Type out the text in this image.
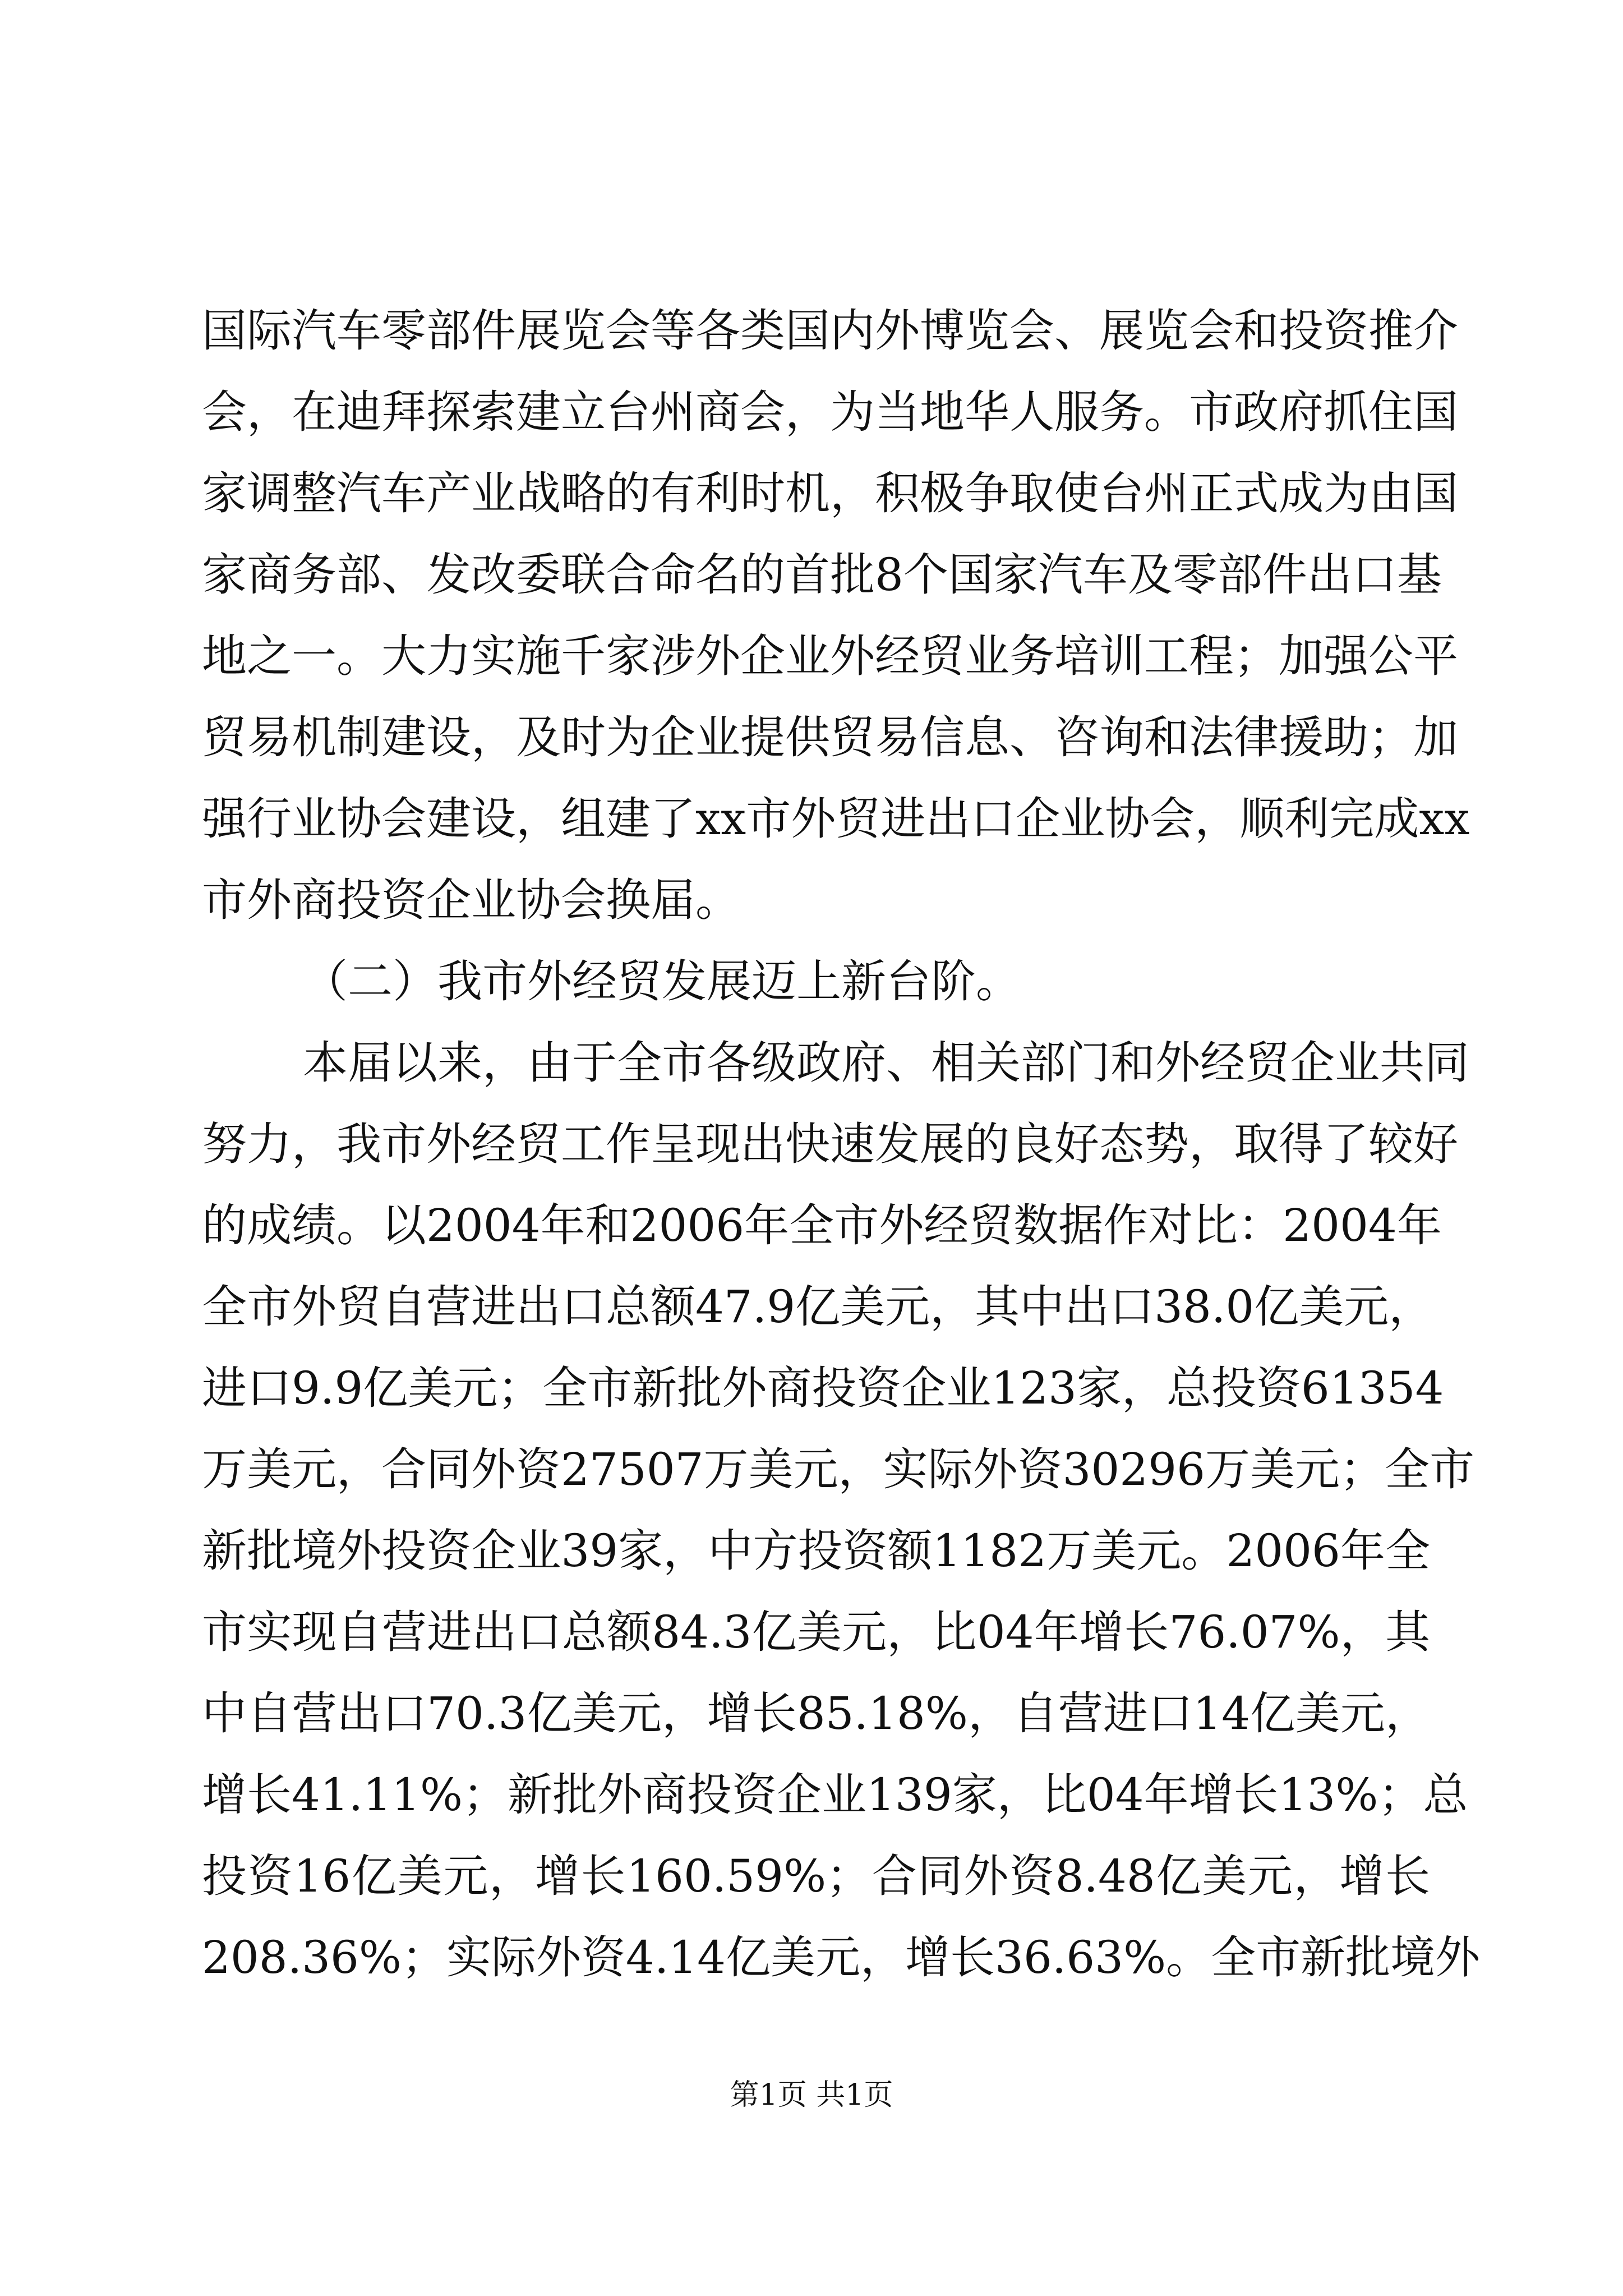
国际汽车零部件展览会等各类国内外博览会、展览会和投资推介

会，在迪拜探索建立台州商会，为当地华人服务。市政府抓住国

家调整汽车产业战略的有利时机，积极争取使台州正式成为由国

家商务部、发改委联合命名的首批8个国家汽车及零部件出口基

地之一。大力实施千家涉外企业外经贸业务培训工程；加强公平

贸易机制建设，及时为企业提供贸易信息、咨询和法律援助；加

强行业协会建设，组建了xx市外贸进出口企业协会，顺利完成xx

市外商投资企业协会换届。

（二）我市外经贸发展迈上新台阶。

本届以来，由于全市各级政府、相关部门和外经贸企业共同

努力，我市外经贸工作呈现出快速发展的良好态势，取得了较好

的成绩。以2004年和2006年全市外经贸数据作对比：2004年

全市外贸自营进出口总额47.9亿美元，其中出口38.0亿美元，

进口9.9亿美元；全市新批外商投资企业123家，总投资61354

万美元，合同外资27507万美元，实际外资30296万美元；全市

新批境外投资企业39家，中方投资额1182万美元。2006年全

市实现自营进出口总额84.3亿美元，比04年增长76.07%，其

中自营出口70.3亿美元，增长85.18%，自营进口14亿美元，

增长41.11%；新批外商投资企业139家，比04年增长13%；总

投资16亿美元，增长160.59%；合同外资8.48亿美元，增长

208.36%；实际外资4.14亿美元，增长36.63%。全市新批境外

第1页 共1页
